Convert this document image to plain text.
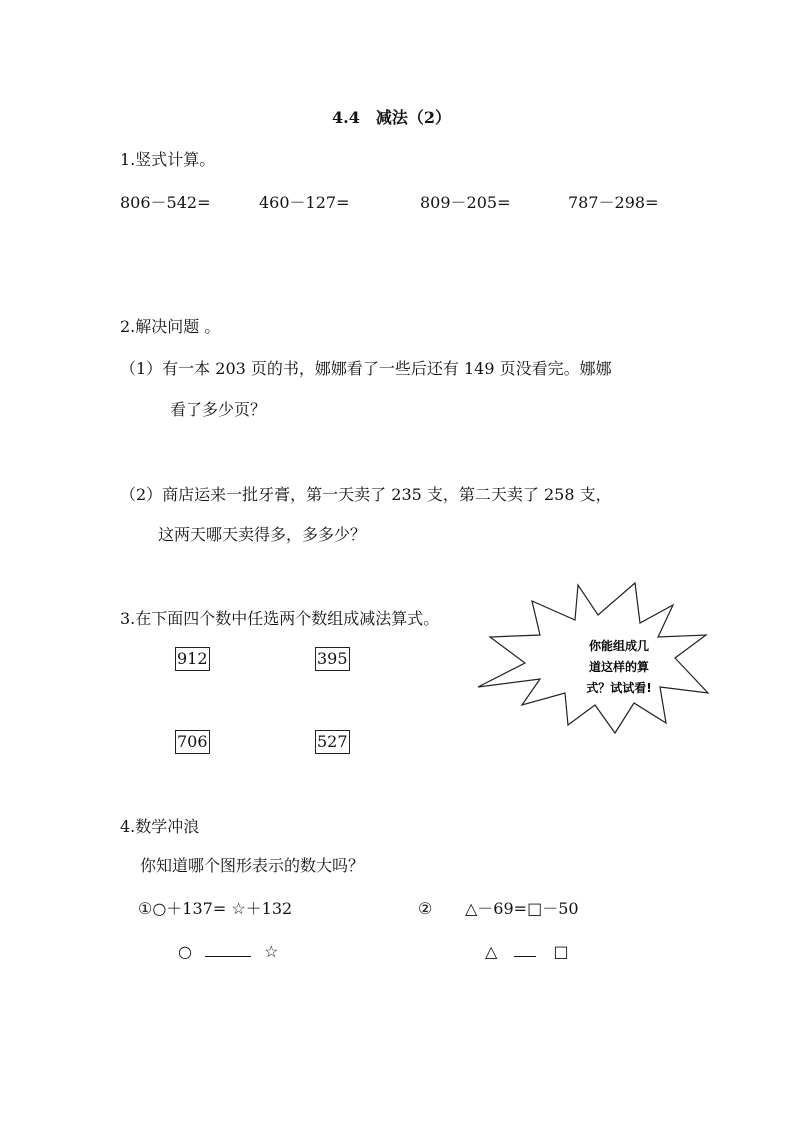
4.4　减法（2）
1.竖式计算。
806－542=	460－127=	809－205=	787－298=
2.解决问题 。
（1）有一本 203 页的书，娜娜看了一些后还有 149 页没看完。娜娜
看了多少页？
（2）商店运来一批牙膏，第一天卖了 235 支，第二天卖了 258 支，
这两天哪天卖得多，多多少？
3.在下面四个数中任选两个数组成减法算式。
912	395
706	527
你能组成几
道这样的算
式？试试看!
4.数学冲浪
你知道哪个图形表示的数大吗？
①○＋137= ☆＋132	② △－69=□－50
○	☆	△	□
